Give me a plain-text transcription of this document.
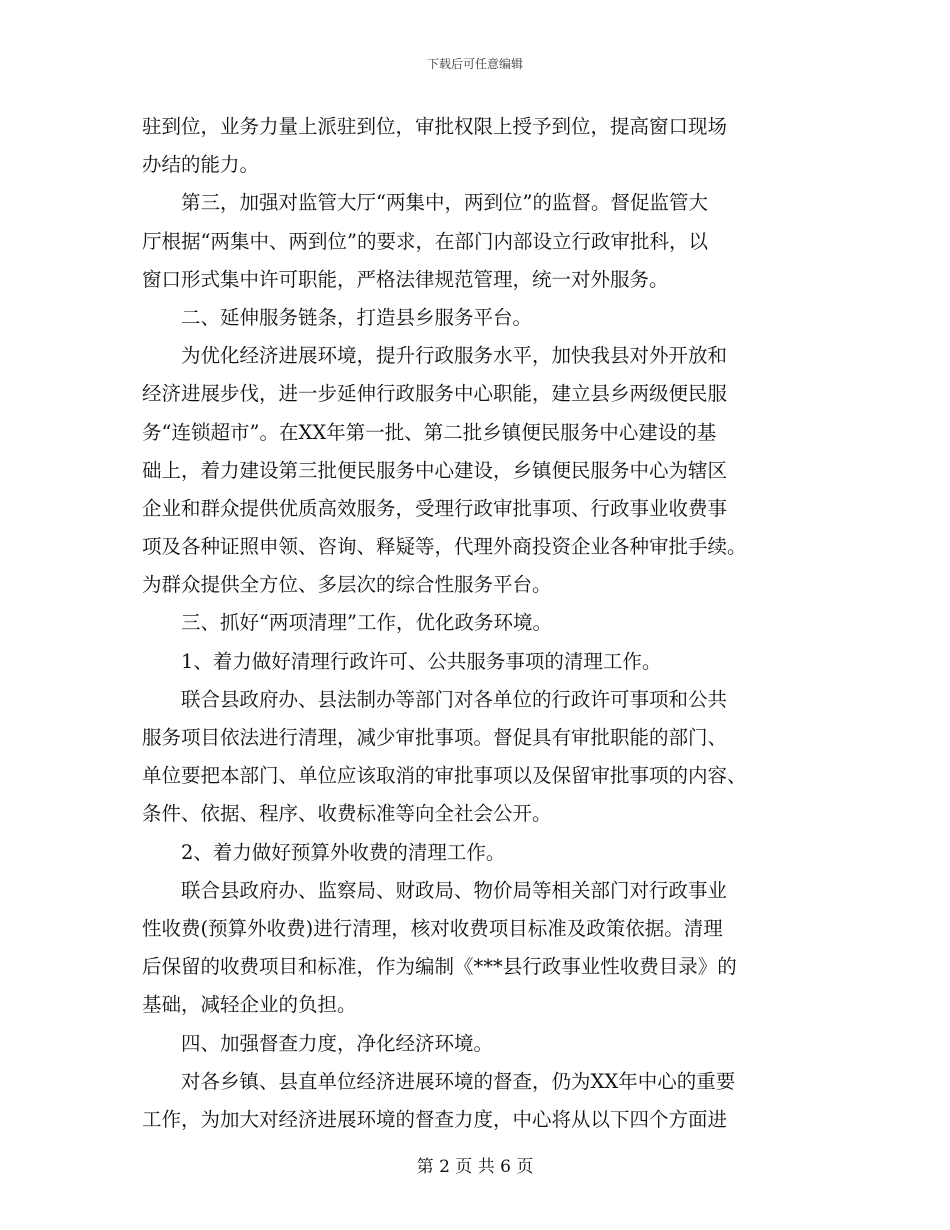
下载后可任意编辑
驻到位，业务力量上派驻到位，审批权限上授予到位，提高窗口现场
办结的能力。
　　第三，加强对监管大厅“两集中，两到位”的监督。督促监管大
厅根据“两集中、两到位”的要求，在部门内部设立行政审批科，以
窗口形式集中许可职能，严格法律规范管理，统一对外服务。
　　二、延伸服务链条，打造县乡服务平台。
　　为优化经济进展环境，提升行政服务水平，加快我县对外开放和
经济进展步伐，进一步延伸行政服务中心职能，建立县乡两级便民服
务“连锁超市”。在XX年第一批、第二批乡镇便民服务中心建设的基
础上，着力建设第三批便民服务中心建设，乡镇便民服务中心为辖区
企业和群众提供优质高效服务，受理行政审批事项、行政事业收费事
项及各种证照申领、咨询、释疑等，代理外商投资企业各种审批手续。
为群众提供全方位、多层次的综合性服务平台。
　　三、抓好“两项清理”工作，优化政务环境。
　　1、着力做好清理行政许可、公共服务事项的清理工作。
　　联合县政府办、县法制办等部门对各单位的行政许可事项和公共
服务项目依法进行清理，减少审批事项。督促具有审批职能的部门、
单位要把本部门、单位应该取消的审批事项以及保留审批事项的内容、
条件、依据、程序、收费标准等向全社会公开。
　　2、着力做好预算外收费的清理工作。
　　联合县政府办、监察局、财政局、物价局等相关部门对行政事业
性收费(预算外收费)进行清理，核对收费项目标准及政策依据。清理
后保留的收费项目和标准，作为编制《***县行政事业性收费目录》的
基础，减轻企业的负担。
　　四、加强督查力度，净化经济环境。
　　对各乡镇、县直单位经济进展环境的督查，仍为XX年中心的重要
工作，为加大对经济进展环境的督查力度，中心将从以下四个方面进
第 2 页 共 6 页
